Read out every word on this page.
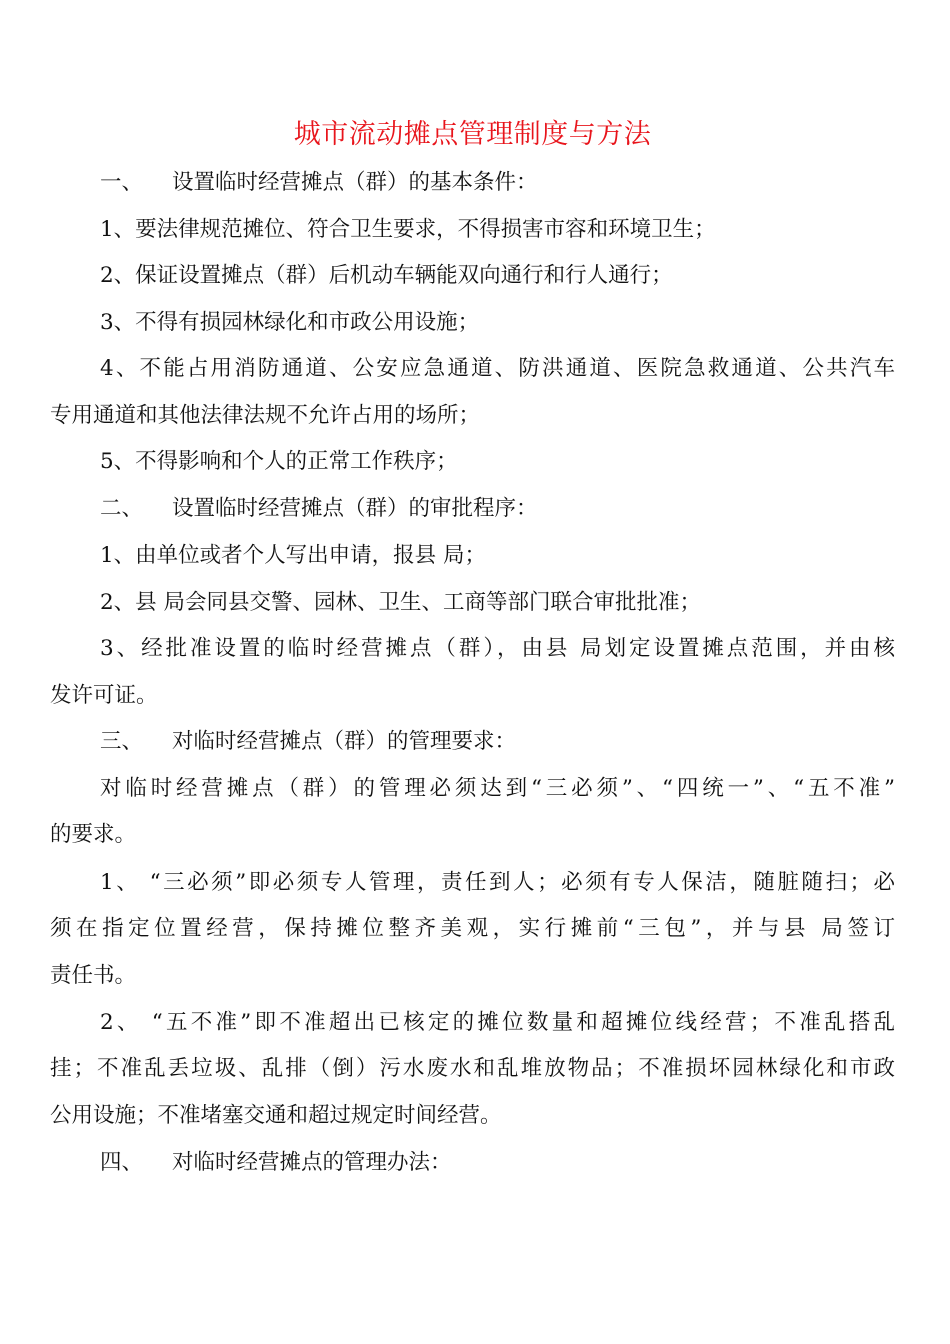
城市流动摊点管理制度与方法
一、 设置临时经营摊点（群）的基本条件：
1、要法律规范摊位、符合卫生要求，不得损害市容和环境卫生；
2、保证设置摊点（群）后机动车辆能双向通行和行人通行；
3、不得有损园林绿化和市政公用设施；
4、不能占用消防通道、公安应急通道、防洪通道、医院急救通道、公共汽车
专用通道和其他法律法规不允许占用的场所；
5、不得影响和个人的正常工作秩序；
二、 设置临时经营摊点（群）的审批程序：
1、由单位或者个人写出申请，报县 局；
2、县 局会同县交警、园林、卫生、工商等部门联合审批批准；
3、经批准设置的临时经营摊点（群），由县 局划定设置摊点范围，并由核
发许可证。
三、 对临时经营摊点（群）的管理要求：
对临时经营摊点（群）的管理必须达到“三必须”、“四统一”、“五不准”
的要求。
1、 “三必须”即必须专人管理，责任到人；必须有专人保洁，随脏随扫；必
须在指定位置经营，保持摊位整齐美观，实行摊前“三包”，并与县 局签订
责任书。
2、 “五不准”即不准超出已核定的摊位数量和超摊位线经营；不准乱搭乱
挂；不准乱丢垃圾、乱排（倒）污水废水和乱堆放物品；不准损坏园林绿化和市政
公用设施；不准堵塞交通和超过规定时间经营。
四、 对临时经营摊点的管理办法：
